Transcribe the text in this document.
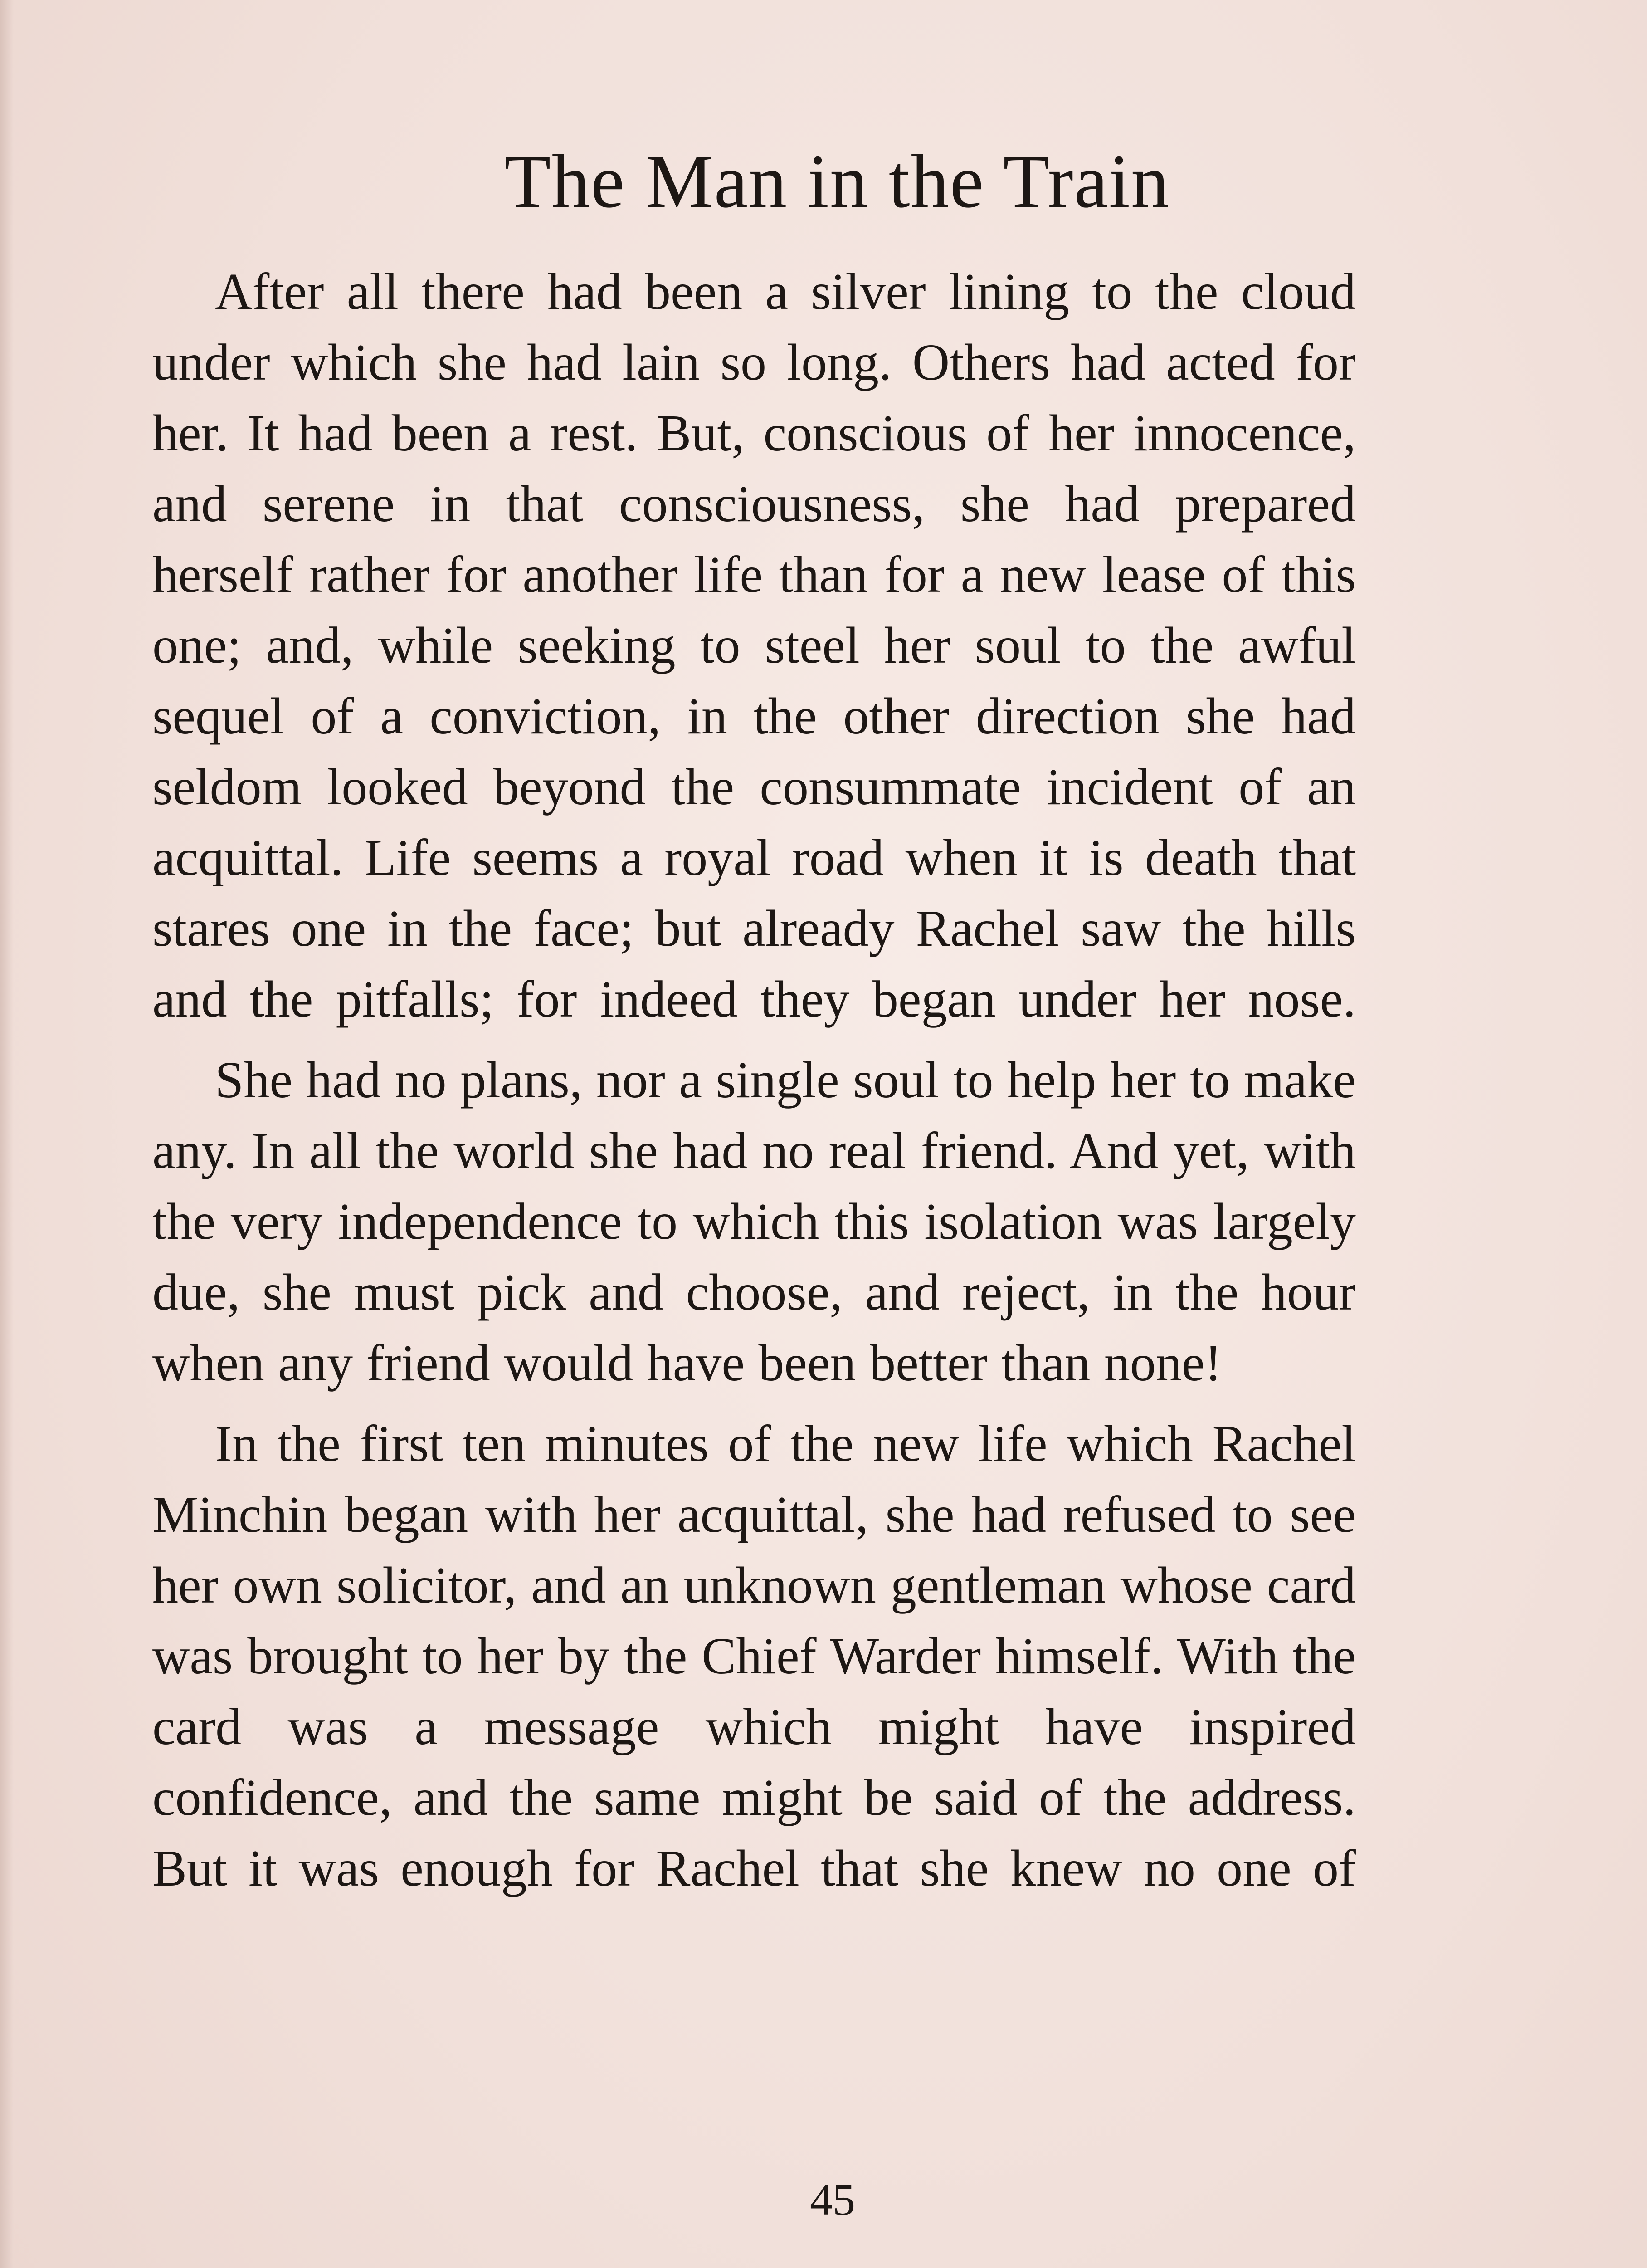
The Man in the Train

After all there had been a silver lining to the cloud under which she had lain so long. Others had acted for her. It had been a rest. But, conscious of her innocence, and serene in that consciousness, she had prepared herself rather for another life than for a new lease of this one; and, while seeking to steel her soul to the awful sequel of a conviction, in the other direction she had seldom looked beyond the consummate incident of an acquittal. Life seems a royal road when it is death that stares one in the face; but already Rachel saw the hills and the pitfalls; for indeed they began under her nose.

She had no plans, nor a single soul to help her to make any. In all the world she had no real friend. And yet, with the very independence to which this isolation was largely due, she must pick and choose, and reject, in the hour when any friend would have been better than none!

In the first ten minutes of the new life which Rachel Minchin began with her acquittal, she had refused to see her own solicitor, and an unknown gentleman whose card was brought to her by the Chief Warder himself. With the card was a message which might have inspired confidence, and the same might be said of the address. But it was enough for Rachel that she knew no one of

45
